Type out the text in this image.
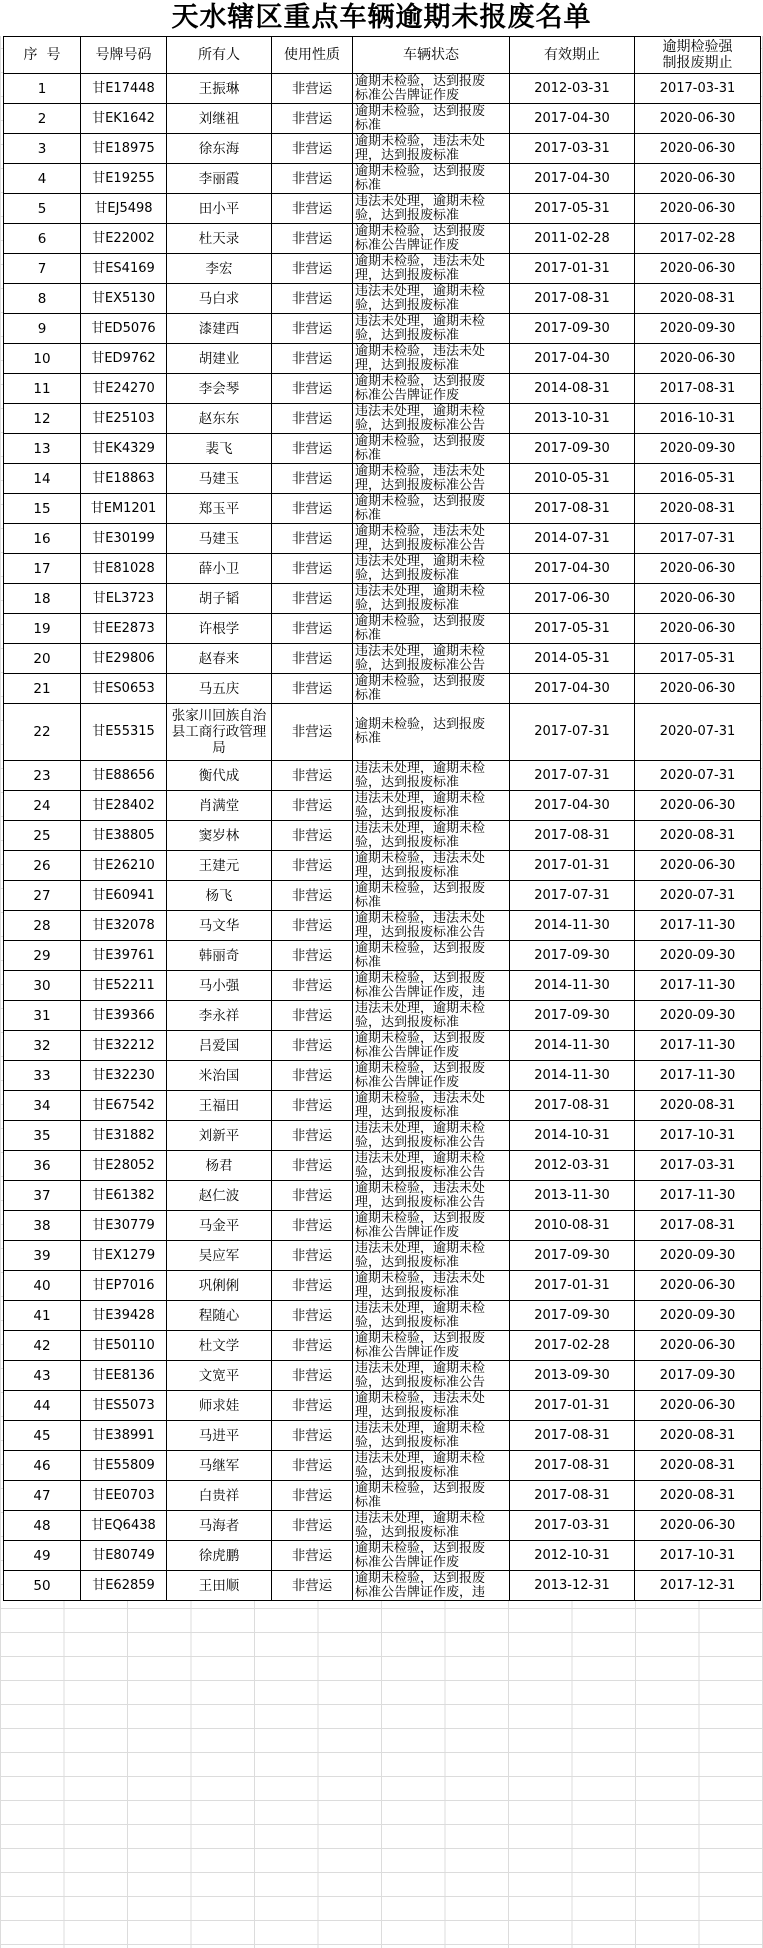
天水辖区重点车辆逾期未报废名单
序  号	号牌号码	所有人	使用性质	车辆状态	有效期止	逾期检验强
制报废期止
1	甘E17448	王振琳	非营运	逾期未检验，达到报废
标准公告牌证作废	2012-03-31	2017-03-31
2	甘EK1642	刘继祖	非营运	逾期未检验，达到报废
标准	2017-04-30	2020-06-30
3	甘E18975	徐东海	非营运	逾期未检验，违法未处
理，达到报废标准	2017-03-31	2020-06-30
4	甘E19255	李丽霞	非营运	逾期未检验，达到报废
标准	2017-04-30	2020-06-30
5	甘EJ5498	田小平	非营运	违法未处理，逾期未检
验，达到报废标准	2017-05-31	2020-06-30
6	甘E22002	杜天录	非营运	逾期未检验，达到报废
标准公告牌证作废	2011-02-28	2017-02-28
7	甘ES4169	李宏	非营运	逾期未检验，违法未处
理，达到报废标准	2017-01-31	2020-06-30
8	甘EX5130	马白求	非营运	违法未处理，逾期未检
验，达到报废标准	2017-08-31	2020-08-31
9	甘ED5076	漆建西	非营运	违法未处理，逾期未检
验，达到报废标准	2017-09-30	2020-09-30
10	甘ED9762	胡建业	非营运	逾期未检验，违法未处
理，达到报废标准	2017-04-30	2020-06-30
11	甘E24270	李会琴	非营运	逾期未检验，达到报废
标准公告牌证作废	2014-08-31	2017-08-31
12	甘E25103	赵东东	非营运	违法未处理，逾期未检
验，达到报废标准公告	2013-10-31	2016-10-31
13	甘EK4329	裴飞	非营运	逾期未检验，达到报废
标准	2017-09-30	2020-09-30
14	甘E18863	马建玉	非营运	逾期未检验，违法未处
理，达到报废标准公告	2010-05-31	2016-05-31
15	甘EM1201	郑玉平	非营运	逾期未检验，达到报废
标准	2017-08-31	2020-08-31
16	甘E30199	马建玉	非营运	逾期未检验，违法未处
理，达到报废标准公告	2014-07-31	2017-07-31
17	甘E81028	薛小卫	非营运	违法未处理，逾期未检
验，达到报废标准	2017-04-30	2020-06-30
18	甘EL3723	胡子韬	非营运	违法未处理，逾期未检
验，达到报废标准	2017-06-30	2020-06-30
19	甘EE2873	许根学	非营运	逾期未检验，达到报废
标准	2017-05-31	2020-06-30
20	甘E29806	赵春来	非营运	违法未处理，逾期未检
验，达到报废标准公告	2014-05-31	2017-05-31
21	甘ES0653	马五庆	非营运	逾期未检验，达到报废
标准	2017-04-30	2020-06-30
22	甘E55315	张家川回族自治
县工商行政管理
局	非营运	逾期未检验，达到报废
标准	2017-07-31	2020-07-31
23	甘E88656	衡代成	非营运	违法未处理，逾期未检
验，达到报废标准	2017-07-31	2020-07-31
24	甘E28402	肖满堂	非营运	违法未处理，逾期未检
验，达到报废标准	2017-04-30	2020-06-30
25	甘E38805	窦岁林	非营运	违法未处理，逾期未检
验，达到报废标准	2017-08-31	2020-08-31
26	甘E26210	王建元	非营运	逾期未检验，违法未处
理，达到报废标准	2017-01-31	2020-06-30
27	甘E60941	杨飞	非营运	逾期未检验，达到报废
标准	2017-07-31	2020-07-31
28	甘E32078	马文华	非营运	逾期未检验，违法未处
理，达到报废标准公告	2014-11-30	2017-11-30
29	甘E39761	韩丽奇	非营运	逾期未检验，达到报废
标准	2017-09-30	2020-09-30
30	甘E52211	马小强	非营运	逾期未检验，达到报废
标准公告牌证作废，违	2014-11-30	2017-11-30
31	甘E39366	李永祥	非营运	违法未处理，逾期未检
验，达到报废标准	2017-09-30	2020-09-30
32	甘E32212	吕爱国	非营运	逾期未检验，达到报废
标准公告牌证作废	2014-11-30	2017-11-30
33	甘E32230	米治国	非营运	逾期未检验，达到报废
标准公告牌证作废	2014-11-30	2017-11-30
34	甘E67542	王福田	非营运	逾期未检验，违法未处
理，达到报废标准	2017-08-31	2020-08-31
35	甘E31882	刘新平	非营运	违法未处理，逾期未检
验，达到报废标准公告	2014-10-31	2017-10-31
36	甘E28052	杨君	非营运	违法未处理，逾期未检
验，达到报废标准公告	2012-03-31	2017-03-31
37	甘E61382	赵仁波	非营运	逾期未检验，违法未处
理，达到报废标准公告	2013-11-30	2017-11-30
38	甘E30779	马金平	非营运	逾期未检验，达到报废
标准公告牌证作废	2010-08-31	2017-08-31
39	甘EX1279	吴应军	非营运	违法未处理，逾期未检
验，达到报废标准	2017-09-30	2020-09-30
40	甘EP7016	巩俐俐	非营运	逾期未检验，违法未处
理，达到报废标准	2017-01-31	2020-06-30
41	甘E39428	程随心	非营运	违法未处理，逾期未检
验，达到报废标准	2017-09-30	2020-09-30
42	甘E50110	杜文学	非营运	逾期未检验，达到报废
标准公告牌证作废	2017-02-28	2020-06-30
43	甘EE8136	文宽平	非营运	违法未处理，逾期未检
验，达到报废标准公告	2013-09-30	2017-09-30
44	甘ES5073	师求娃	非营运	逾期未检验，违法未处
理，达到报废标准	2017-01-31	2020-06-30
45	甘E38991	马进平	非营运	违法未处理，逾期未检
验，达到报废标准	2017-08-31	2020-08-31
46	甘E55809	马继军	非营运	违法未处理，逾期未检
验，达到报废标准	2017-08-31	2020-08-31
47	甘EE0703	白贵祥	非营运	逾期未检验，达到报废
标准	2017-08-31	2020-08-31
48	甘EQ6438	马海者	非营运	违法未处理，逾期未检
验，达到报废标准	2017-03-31	2020-06-30
49	甘E80749	徐虎鹏	非营运	逾期未检验，达到报废
标准公告牌证作废	2012-10-31	2017-10-31
50	甘E62859	王田顺	非营运	逾期未检验，达到报废
标准公告牌证作废，违	2013-12-31	2017-12-31
